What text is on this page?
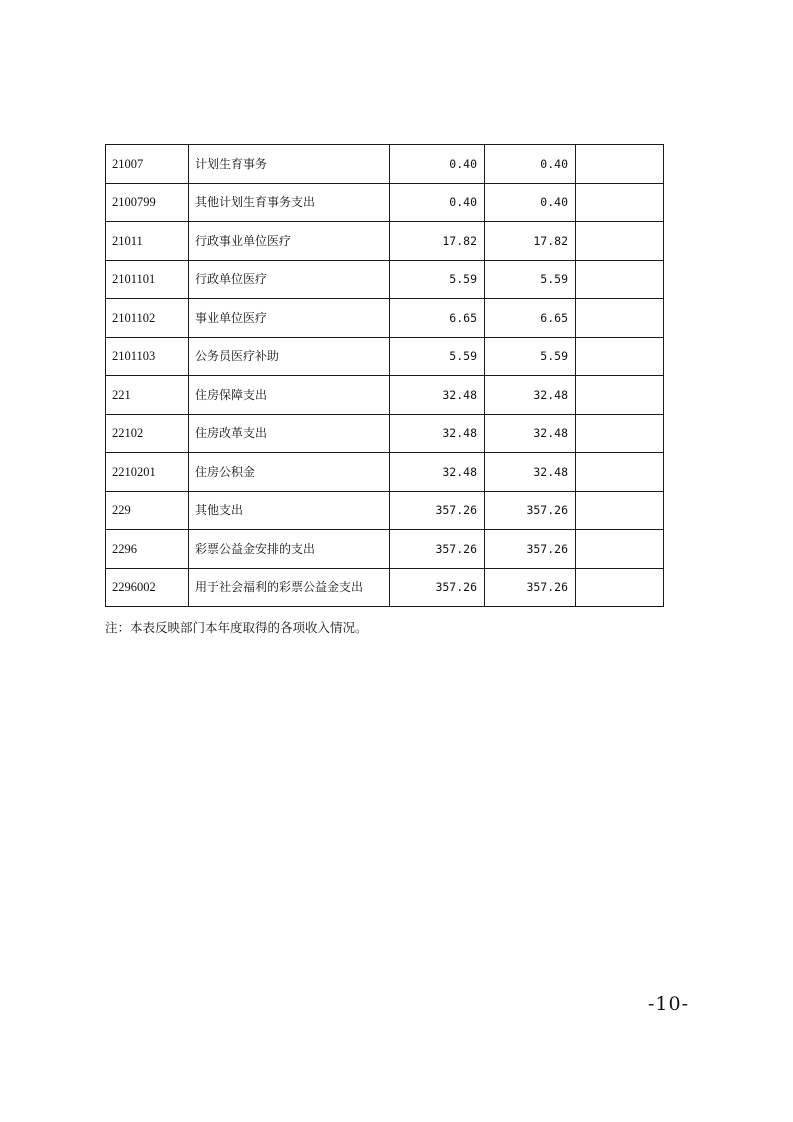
21007	计划生育事务	0.40	0.40	
2100799	其他计划生育事务支出	0.40	0.40	
21011	行政事业单位医疗	17.82	17.82	
2101101	行政单位医疗	5.59	5.59	
2101102	事业单位医疗	6.65	6.65	
2101103	公务员医疗补助	5.59	5.59	
221	住房保障支出	32.48	32.48	
22102	住房改革支出	32.48	32.48	
2210201	住房公积金	32.48	32.48	
229	其他支出	357.26	357.26	
2296	彩票公益金安排的支出	357.26	357.26	
2296002	用于社会福利的彩票公益金支出	357.26	357.26	
注：本表反映部门本年度取得的各项收入情况。
-10-
